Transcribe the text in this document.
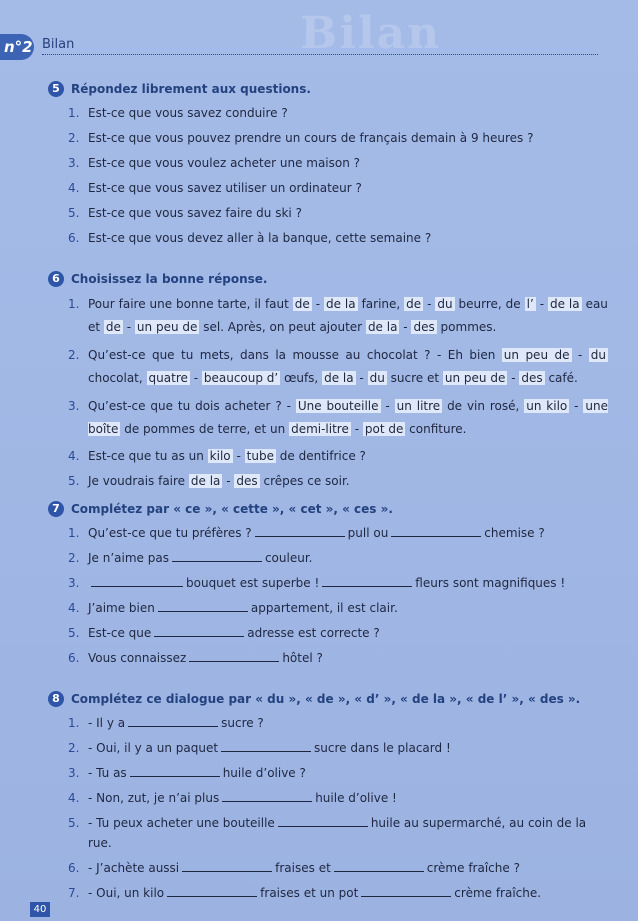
Bilan
n°2 Bilan
5 Répondez librement aux questions.
1. Est-ce que vous savez conduire ?
2. Est-ce que vous pouvez prendre un cours de français demain à 9 heures ?
3. Est-ce que vous voulez acheter une maison ?
4. Est-ce que vous savez utiliser un ordinateur ?
5. Est-ce que vous savez faire du ski ?
6. Est-ce que vous devez aller à la banque, cette semaine ?
6 Choisissez la bonne réponse.
1. Pour faire une bonne tarte, il faut de - de la farine, de - du beurre, de l’ - de la eau et de - un peu de sel. Après, on peut ajouter de la - des pommes.
2. Qu’est-ce que tu mets, dans la mousse au chocolat ? - Eh bien un peu de - du chocolat, quatre - beaucoup d’ œufs, de la - du sucre et un peu de - des café.
3. Qu’est-ce que tu dois acheter ? - Une bouteille - un litre de vin rosé, un kilo - une boîte de pommes de terre, et un demi-litre - pot de confiture.
4. Est-ce que tu as un kilo - tube de dentifrice ?
5. Je voudrais faire de la - des crêpes ce soir.
7 Complétez par « ce », « cette », « cet », « ces ».
1. Qu’est-ce que tu préfères ?	pull ou	chemise ?
2. Je n’aime pas	couleur.
3.	bouquet est superbe !	fleurs sont magnifiques !
4. J’aime bien	appartement, il est clair.
5. Est-ce que	adresse est correcte ?
6. Vous connaissez	hôtel ?
8 Complétez ce dialogue par « du », « de », « d’ », « de la », « de l’ », « des ».
1. - Il y a	sucre ?
2. - Oui, il y a un paquet	sucre dans le placard !
3. - Tu as	huile d’olive ?
4. - Non, zut, je n’ai plus	huile d’olive !
5. - Tu peux acheter une bouteille	huile au supermarché, au coin de la rue.
6. - J’achète aussi	fraises et	crème fraîche ?
7. - Oui, un kilo	fraises et un pot	crème fraîche.
40
